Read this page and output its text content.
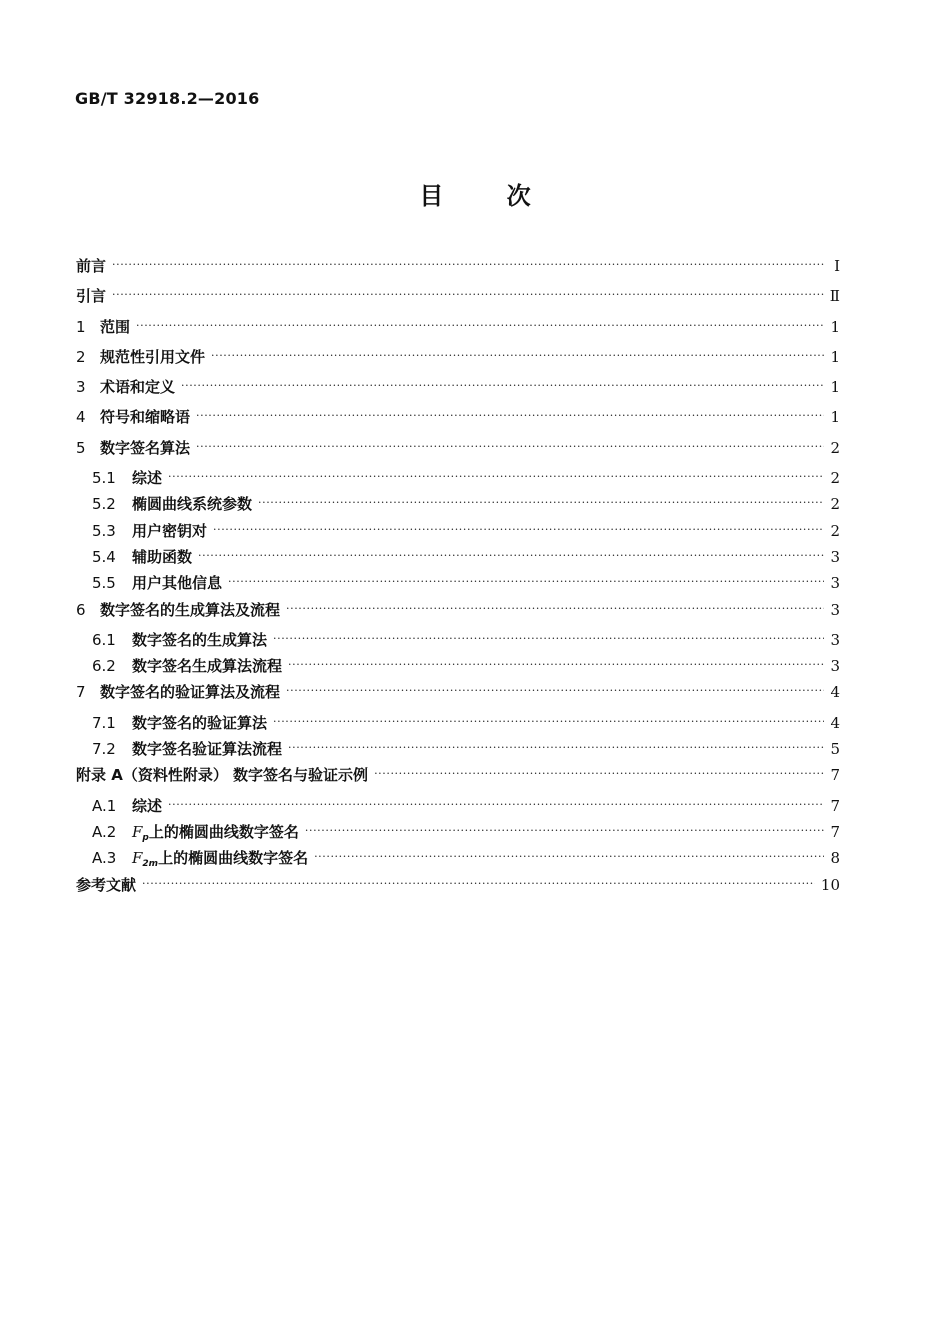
GB/T 32918.2—2016
目 次
前言 ·····	Ⅰ
引言 ·····	Ⅱ
1 范围 ·····	1
2 规范性引用文件 ·····	1
3 术语和定义 ·····	1
4 符号和缩略语 ·····	1
5 数字签名算法 ·····	2
5.1	综述 ·····	2
5.2	椭圆曲线系统参数 ·····	2
5.3	用户密钥对 ·····	2
5.4	辅助函数 ·····	3
5.5	用户其他信息 ·····	3
6 数字签名的生成算法及流程 ·····	3
6.1	数字签名的生成算法 ·····	3
6.2	数字签名生成算法流程 ·····	3
7 数字签名的验证算法及流程 ·····	4
7.1	数字签名的验证算法 ·····	4
7.2	数字签名验证算法流程 ·····	5
附录 A（资料性附录） 数字签名与验证示例 ·····	7
A.1	综述 ·····	7
A.2	$F_p$上的椭圆曲线数字签名 ·····	7
A.3	$F_{2m}$上的椭圆曲线数字签名 ·····	8
参考文献 ·····	10
